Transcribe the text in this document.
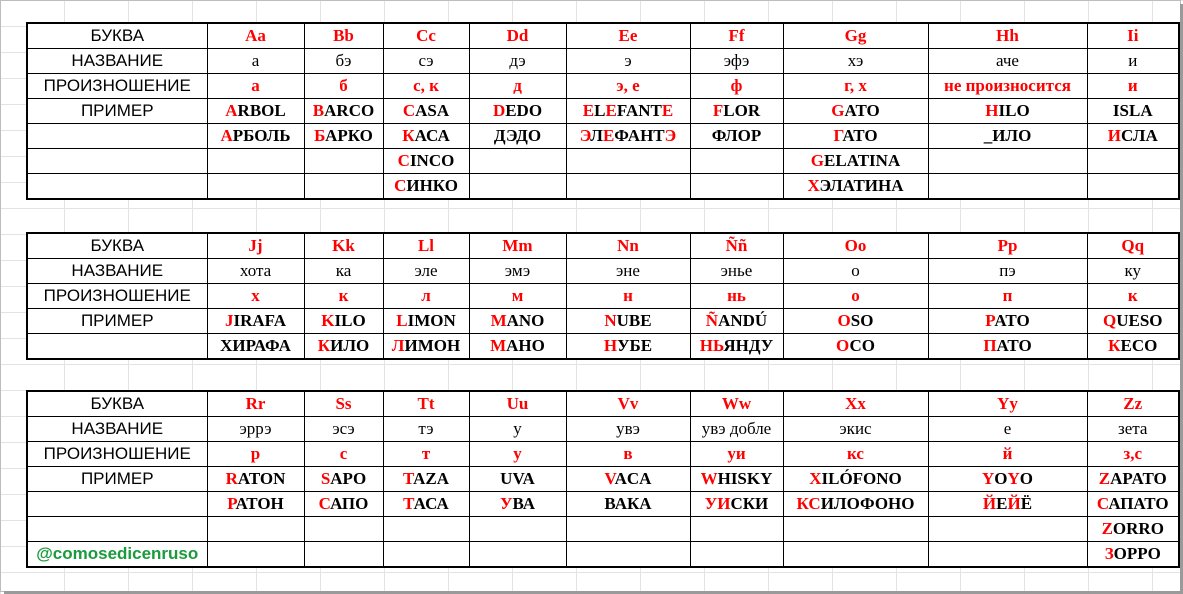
БУКВА	Aa	Bb	Cc	Dd	Ee	Ff	Gg	Hh	Ii
НАЗВАНИЕ	а	бэ	сэ	дэ	э	эфэ	хэ	аче	и
ПРОИЗНОШЕНИЕ	а	б	с, к	д	э, е	ф	г, х	не произносится	и
ПРИМЕР	ARBOL	BARCO	CASA	DEDO	ELEFANTE	FLOR	GATO	HILO	ISLA
	АРБОЛЬ	БАРКО	КАСА	ДЭДО	ЭЛЕФАНТЭ	ФЛОР	ГАТО	_ИЛО	ИСЛА
			CINCO				GELATINA		
			СИНКО				ХЭЛАТИНА		
БУКВА	Jj	Kk	Ll	Mm	Nn	Ññ	Oo	Pp	Qq
НАЗВАНИЕ	хота	ка	эле	эмэ	эне	энье	о	пэ	ку
ПРОИЗНОШЕНИЕ	х	к	л	м	н	нь	о	п	к
ПРИМЕР	JIRAFA	KILO	LIMON	MANO	NUBE	ÑANDÚ	OSO	PATO	QUESO
	ХИРАФА	КИЛО	ЛИМОН	МАНО	НУБЕ	НЬЯНДУ	ОСО	ПАТО	КЕСО
БУКВА	Rr	Ss	Tt	Uu	Vv	Ww	Xx	Yy	Zz
НАЗВАНИЕ	эррэ	эсэ	тэ	у	увэ	увэ добле	экис	е	зета
ПРОИЗНОШЕНИЕ	р	с	т	у	в	уи	кс	й	з,с
ПРИМЕР	RATON	SAPO	TAZA	UVA	VACA	WHISKY	XILÓFONO	YOYO	ZAPATO
	РАТОН	САПО	ТАСА	УВА	ВАКА	УИСКИ	КСИЛОФОНО	ЙЕЙЁ	САПАТО
									ZORRO
@comosedicenruso									ЗОРРО
